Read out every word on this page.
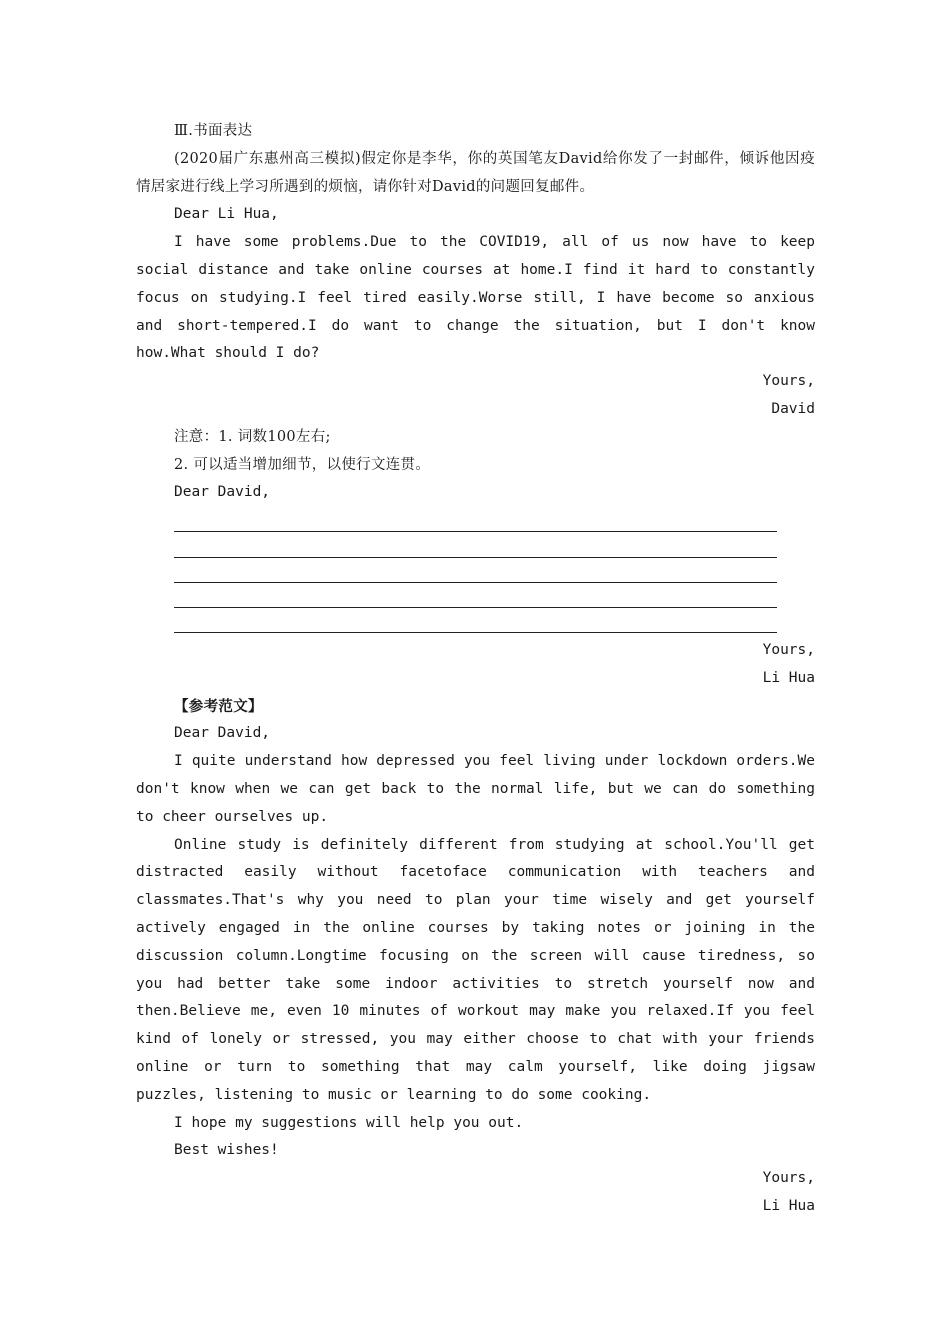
Ⅲ.书面表达

(2020届广东惠州高三模拟)假定你是李华，你的英国笔友David给你发了一封邮件，倾诉他因疫情居家进行线上学习所遇到的烦恼，请你针对David的问题回复邮件。

Dear Li Hua,

I have some problems.Due to the COVID19, all of us now have to keep social distance and take online courses at home.I find it hard to constantly focus on studying.I feel tired easily.Worse still, I have become so anxious and short-tempered.I do want to change the situation, but I don't know how.What should I do?

Yours,

David

注意：1. 词数100左右;

2. 可以适当增加细节，以使行文连贯。

Dear David,

Yours,

Li Hua

【参考范文】

Dear David,

I quite understand how depressed you feel living under lockdown orders.We don't know when we can get back to the normal life, but we can do something to cheer ourselves up.

Online study is definitely different from studying at school.You'll get distracted easily without facetoface communication with teachers and classmates.That's why you need to plan your time wisely and get yourself actively engaged in the online courses by taking notes or joining in the discussion column.Longtime focusing on the screen will cause tiredness, so you had better take some indoor activities to stretch yourself now and then.Believe me, even 10 minutes of workout may make you relaxed.If you feel kind of lonely or stressed, you may either choose to chat with your friends online or turn to something that may calm yourself, like doing jigsaw puzzles, listening to music or learning to do some cooking.

I hope my suggestions will help you out.

Best wishes!

Yours,

Li Hua
